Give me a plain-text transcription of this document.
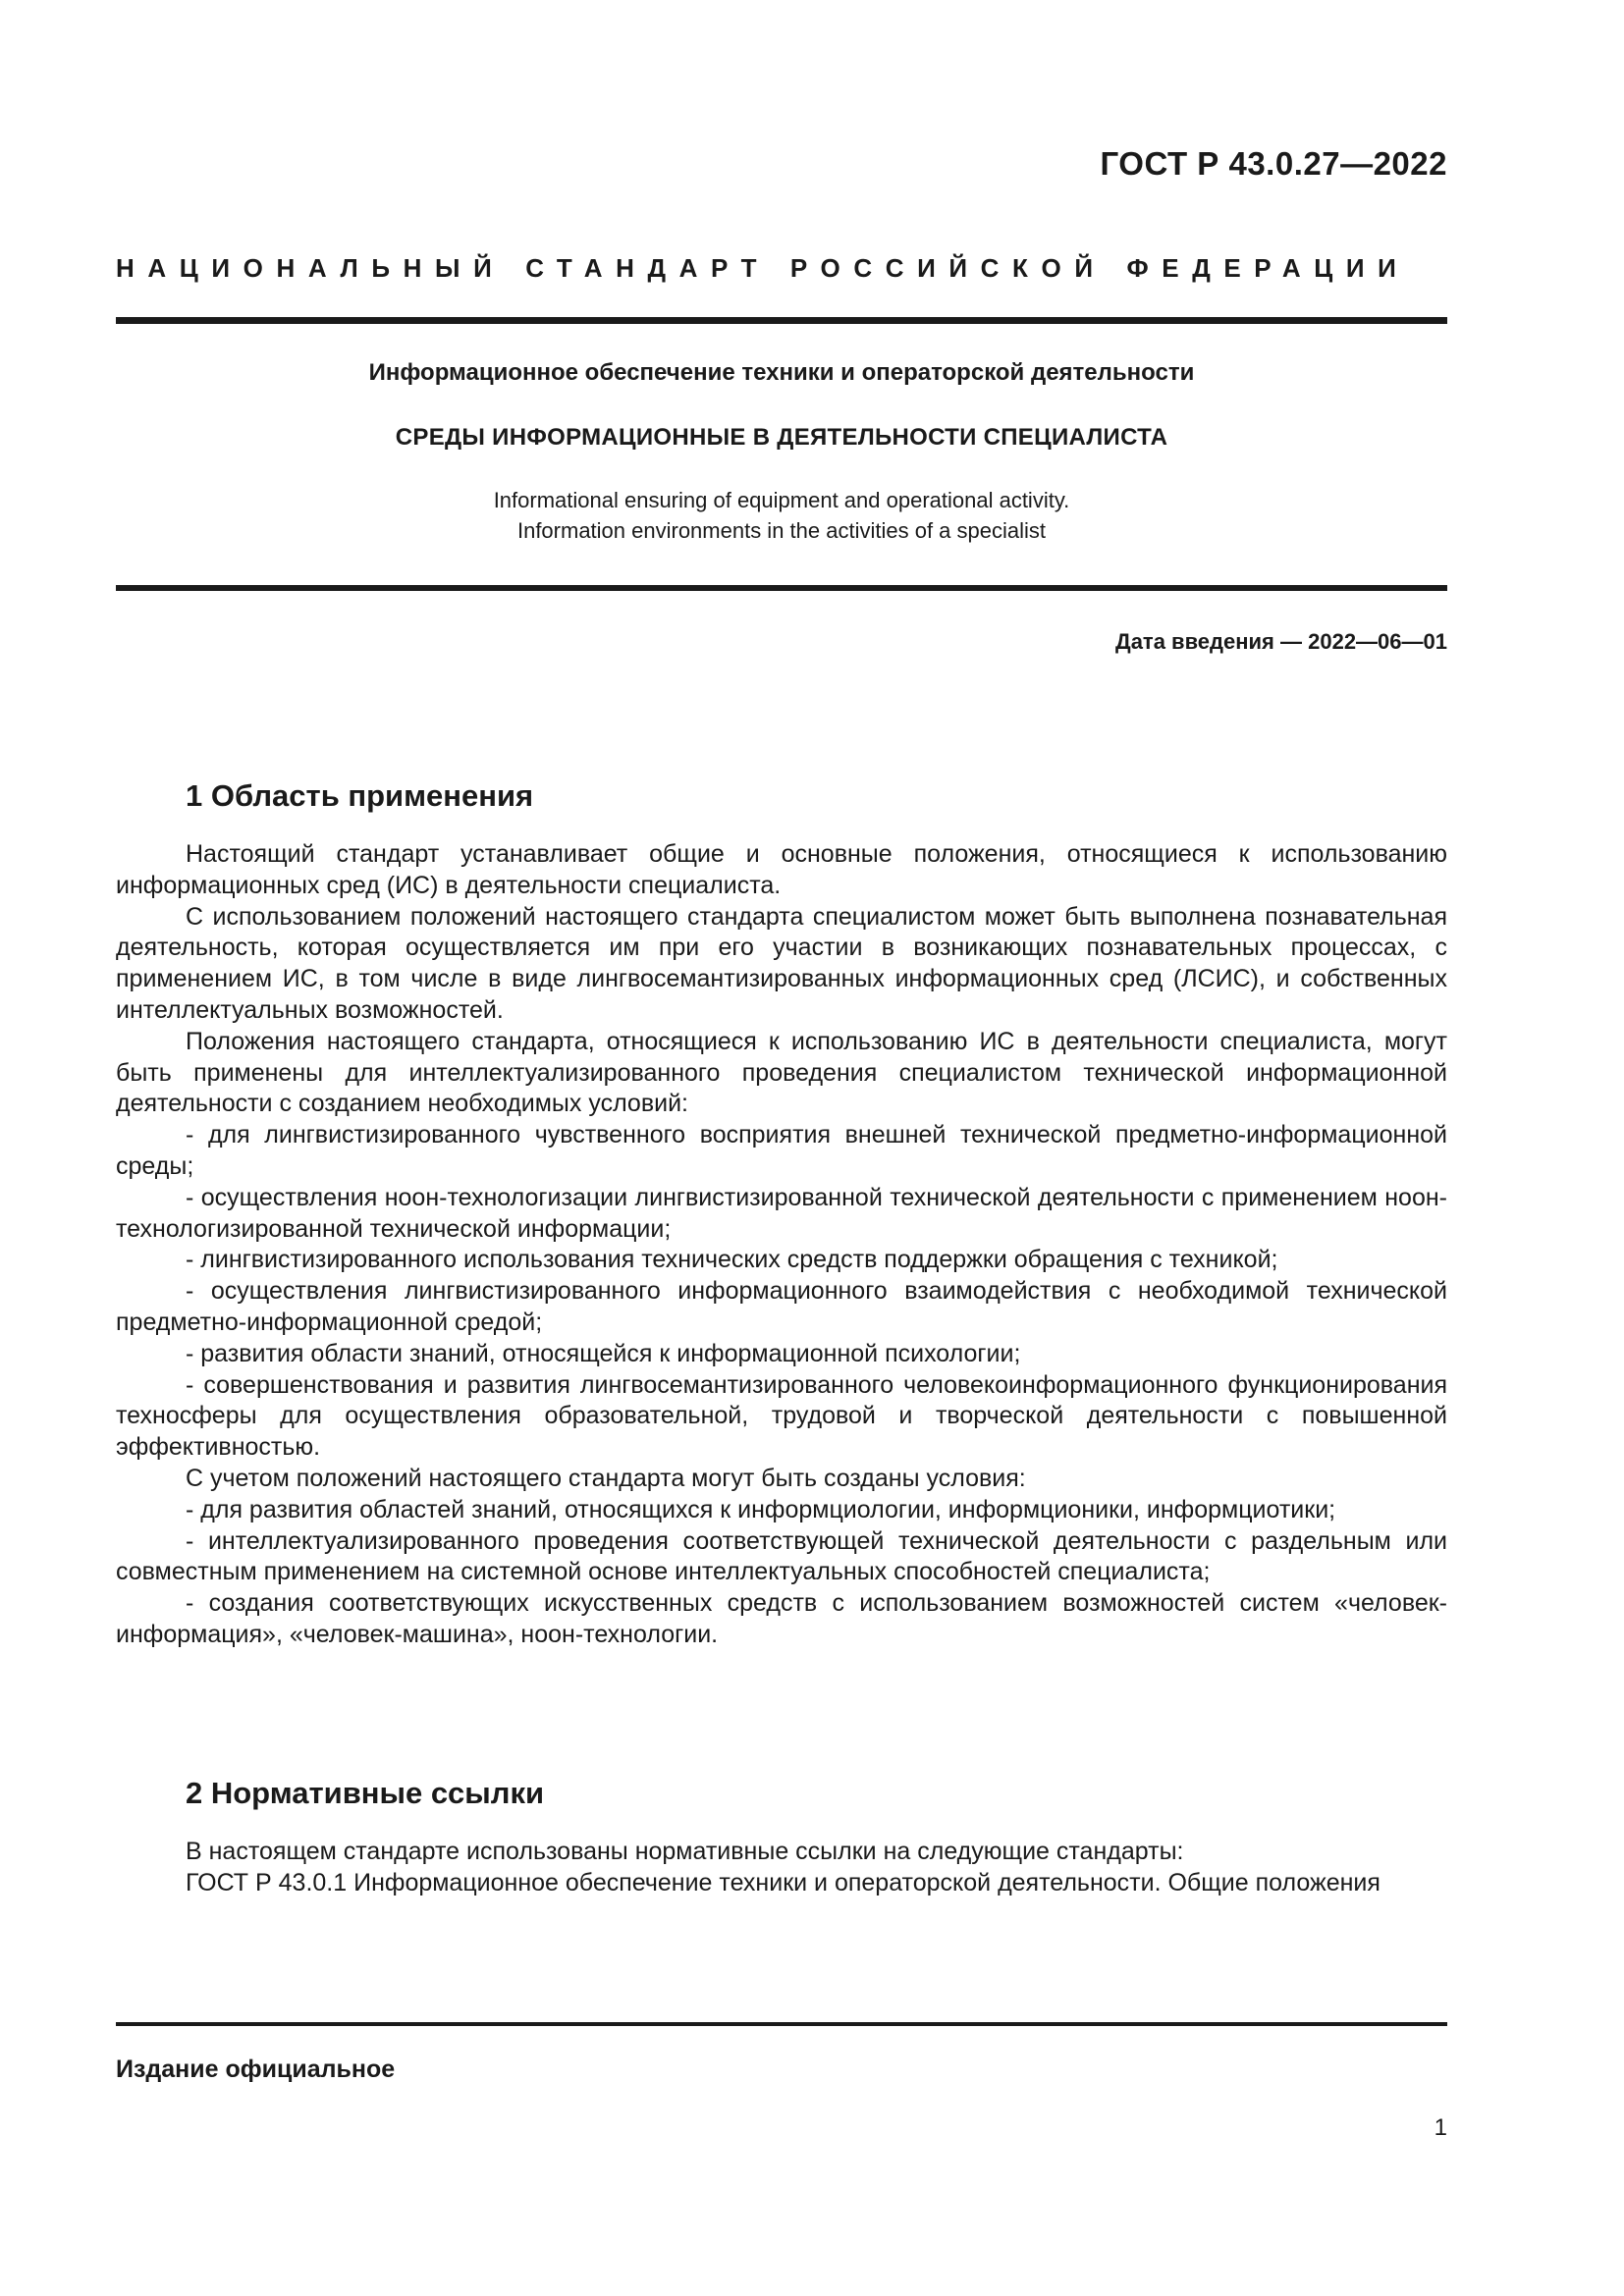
ГОСТ Р 43.0.27—2022
НАЦИОНАЛЬНЫЙ СТАНДАРТ РОССИЙСКОЙ ФЕДЕРАЦИИ
Информационное обеспечение техники и операторской деятельности
СРЕДЫ ИНФОРМАЦИОННЫЕ В ДЕЯТЕЛЬНОСТИ СПЕЦИАЛИСТА
Informational ensuring of equipment and operational activity.
Information environments in the activities of a specialist
Дата введения — 2022—06—01
1 Область применения

Настоящий стандарт устанавливает общие и основные положения, относящиеся к использованию информационных сред (ИС) в деятельности специалиста.

С использованием положений настоящего стандарта специалистом может быть выполнена познавательная деятельность, которая осуществляется им при его участии в возникающих познавательных процессах, с применением ИС, в том числе в виде лингвосемантизированных информационных сред (ЛСИС), и собственных интеллектуальных возможностей.

Положения настоящего стандарта, относящиеся к использованию ИС в деятельности специалиста, могут быть применены для интеллектуализированного проведения специалистом технической информационной деятельности с созданием необходимых условий:

- для лингвистизированного чувственного восприятия внешней технической предметно-информационной среды;

- осуществления ноон-технологизации лингвистизированной технической деятельности с применением ноон-технологизированной технической информации;

- лингвистизированного использования технических средств поддержки обращения с техникой;

- осуществления лингвистизированного информационного взаимодействия с необходимой технической предметно-информационной средой;

- развития области знаний, относящейся к информационной психологии;

- совершенствования и развития лингвосемантизированного человекоинформационного функционирования техносферы для осуществления образовательной, трудовой и творческой деятельности с повышенной эффективностью.

С учетом положений настоящего стандарта могут быть созданы условия:

- для развития областей знаний, относящихся к информциологии, информционики, информциотики;

- интеллектуализированного проведения соответствующей технической деятельности с раздельным или совместным применением на системной основе интеллектуальных способностей специалиста;

- создания соответствующих искусственных средств с использованием возможностей систем «человек-информация», «человек-машина», ноон-технологии.

2 Нормативные ссылки

В настоящем стандарте использованы нормативные ссылки на следующие стандарты:

ГОСТ Р 43.0.1 Информационное обеспечение техники и операторской деятельности. Общие положения

Издание официальное
1
